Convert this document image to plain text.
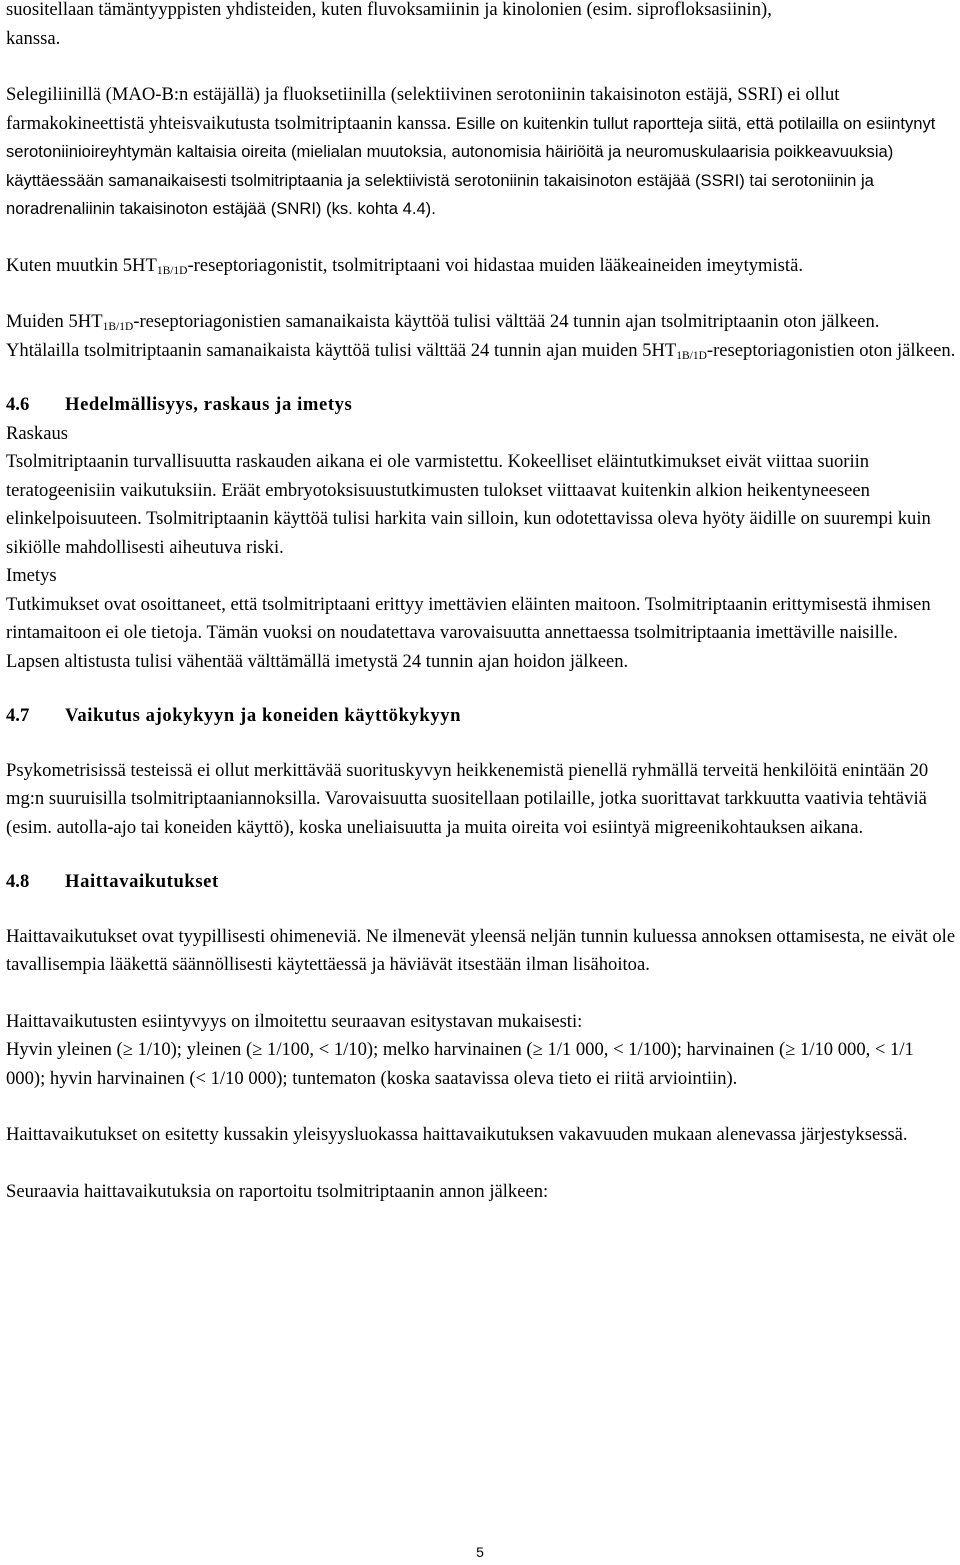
suositellaan tämäntyyppisten yhdisteiden, kuten fluvoksamiinin ja kinolonien (esim. siprofloksasiinin),
kanssa.

Selegiliinillä (MAO-B:n estäjällä) ja fluoksetiinilla (selektiivinen serotoniinin takaisinoton estäjä, SSRI) ei ollut farmakokineettistä yhteisvaikutusta tsolmitriptaanin kanssa. Esille on kuitenkin tullut raportteja siitä, että potilailla on esiintynyt serotoniinioireyhtymän kaltaisia oireita (mielialan muutoksia, autonomisia häiriöitä ja neuromuskulaarisia poikkeavuuksia) käyttäessään samanaikaisesti tsolmitriptaania ja selektiivistä serotoniinin takaisinoton estäjää (SSRI) tai serotoniinin ja noradrenaliinin takaisinoton estäjää (SNRI) (ks. kohta 4.4).

Kuten muutkin $5HT_{1B/1D}$-reseptoriagonistit, tsolmitriptaani voi hidastaa muiden lääkeaineiden imeytymistä.

Muiden $5HT_{1B/1D}$-reseptoriagonistien samanaikaista käyttöä tulisi välttää 24 tunnin ajan tsolmitriptaanin oton jälkeen. Yhtälailla tsolmitriptaanin samanaikaista käyttöä tulisi välttää 24 tunnin ajan muiden $5HT_{1B/1D}$-reseptoriagonistien oton jälkeen.

4.6	Hedelmällisyys, raskaus ja imetys

Raskaus

Tsolmitriptaanin turvallisuutta raskauden aikana ei ole varmistettu. Kokeelliset eläintutkimukset eivät viittaa suoriin teratogeenisiin vaikutuksiin. Eräät embryotoksisuustutkimusten tulokset viittaavat kuitenkin alkion heikentyneeseen elinkelpoisuuteen. Tsolmitriptaanin käyttöä tulisi harkita vain silloin, kun odotettavissa oleva hyöty äidille on suurempi kuin sikiölle mahdollisesti aiheutuva riski.

Imetys

Tutkimukset ovat osoittaneet, että tsolmitriptaani erittyy imettävien eläinten maitoon. Tsolmitriptaanin erittymisestä ihmisen rintamaitoon ei ole tietoja. Tämän vuoksi on noudatettava varovaisuutta annettaessa tsolmitriptaania imettäville naisille. Lapsen altistusta tulisi vähentää välttämällä imetystä 24 tunnin ajan hoidon jälkeen.

4.7	Vaikutus ajokykyyn ja koneiden käyttökykyyn

Psykometrisissä testeissä ei ollut merkittävää suorituskyvyn heikkenemistä pienellä ryhmällä terveitä henkilöitä enintään 20 mg:n suuruisilla tsolmitriptaaniannoksilla. Varovaisuutta suositellaan potilaille, jotka suorittavat tarkkuutta vaativia tehtäviä (esim. autolla-ajo tai koneiden käyttö), koska uneliaisuutta ja muita oireita voi esiintyä migreenikohtauksen aikana.

4.8	Haittavaikutukset

Haittavaikutukset ovat tyypillisesti ohimeneviä. Ne ilmenevät yleensä neljän tunnin kuluessa annoksen ottamisesta, ne eivät ole tavallisempia lääkettä säännöllisesti käytettäessä ja häviävät itsestään ilman lisähoitoa.

Haittavaikutusten esiintyvyys on ilmoitettu seuraavan esitystavan mukaisesti:
Hyvin yleinen (≥ 1/10); yleinen (≥ 1/100, < 1/10); melko harvinainen (≥ 1/1 000, < 1/100); harvinainen (≥ 1/10 000, < 1/1 000); hyvin harvinainen (< 1/10 000); tuntematon (koska saatavissa oleva tieto ei riitä arviointiin).

Haittavaikutukset on esitetty kussakin yleisyysluokassa haittavaikutuksen vakavuuden mukaan alenevassa järjestyksessä.

Seuraavia haittavaikutuksia on raportoitu tsolmitriptaanin annon jälkeen:

5
